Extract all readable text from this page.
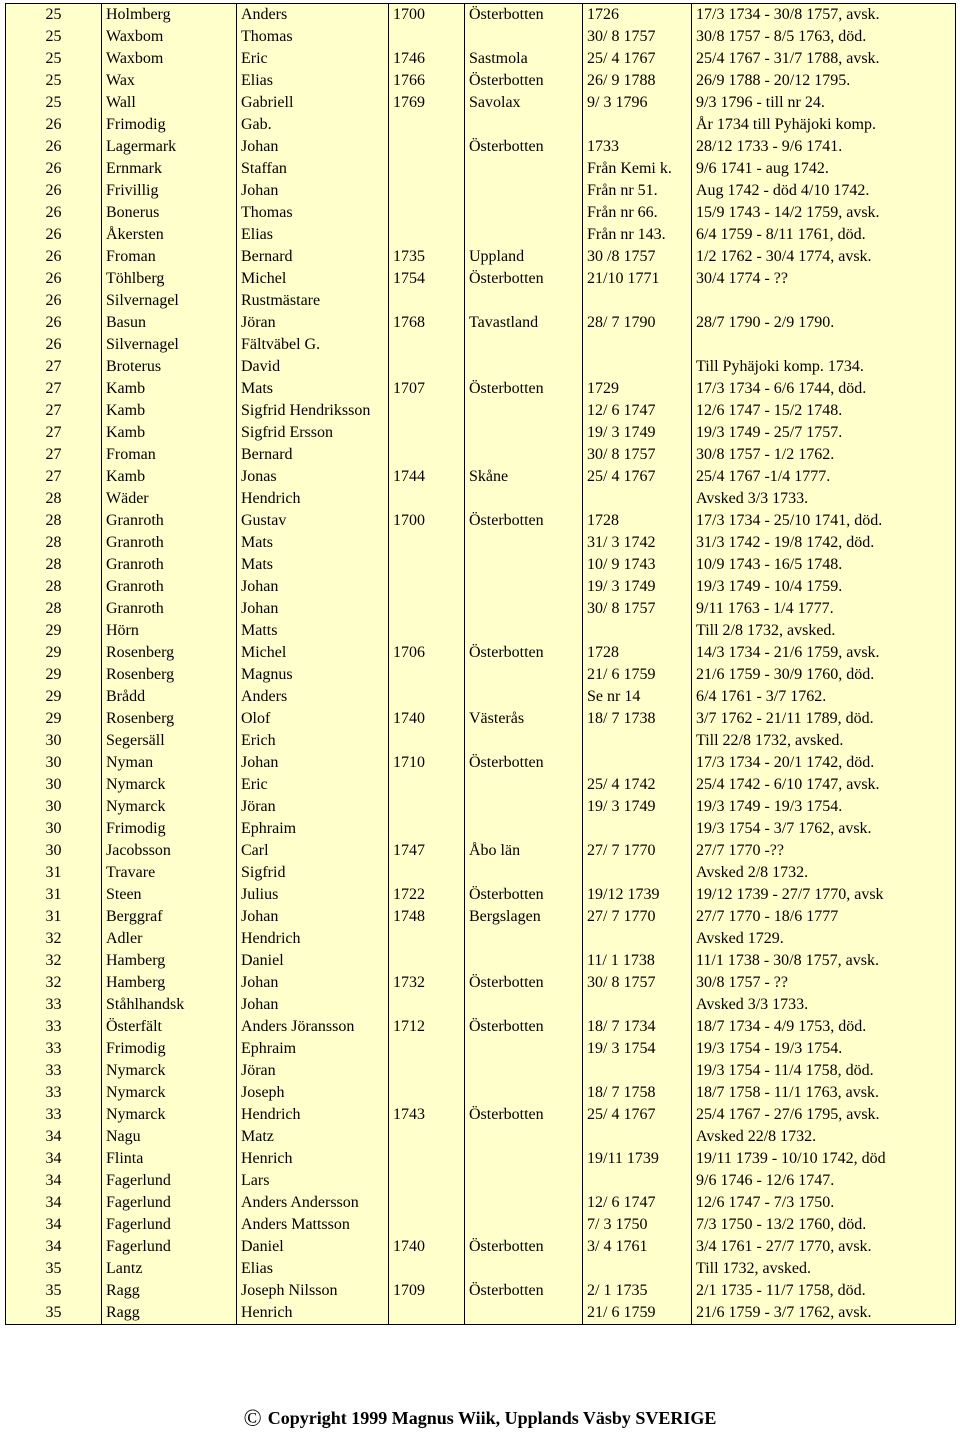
25	Holmberg	Anders	1700	Österbotten	1726	17/3 1734 - 30/8 1757, avsk.
25	Waxbom	Thomas			30/ 8 1757	30/8 1757 - 8/5 1763, död.
25	Waxbom	Eric	1746	Sastmola	25/ 4 1767	25/4 1767 - 31/7 1788, avsk.
25	Wax	Elias	1766	Österbotten	26/ 9 1788	26/9 1788 - 20/12 1795.
25	Wall	Gabriell	1769	Savolax	9/ 3 1796	9/3 1796 - till nr 24.
26	Frimodig	Gab.				År 1734 till Pyhäjoki komp.
26	Lagermark	Johan		Österbotten	1733	28/12 1733 - 9/6 1741.
26	Ernmark	Staffan			Från Kemi k.	9/6 1741 - aug 1742.
26	Frivillig	Johan			Från nr 51.	Aug 1742 - död 4/10 1742.
26	Bonerus	Thomas			Från nr 66.	15/9 1743 - 14/2 1759, avsk.
26	Åkersten	Elias			Från nr 143.	6/4 1759 - 8/11 1761, död.
26	Froman	Bernard	1735	Uppland	30 /8 1757	1/2 1762 - 30/4 1774, avsk.
26	Töhlberg	Michel	1754	Österbotten	21/10 1771	30/4 1774 - ??
26	Silvernagel	Rustmästare				
26	Basun	Jöran	1768	Tavastland	28/ 7 1790	28/7 1790 - 2/9 1790.
26	Silvernagel	Fältväbel G.				
27	Broterus	David				Till Pyhäjoki komp. 1734.
27	Kamb	Mats	1707	Österbotten	1729	17/3 1734 - 6/6 1744, död.
27	Kamb	Sigfrid Hendriksson			12/ 6 1747	12/6 1747 - 15/2 1748.
27	Kamb	Sigfrid Ersson			19/ 3 1749	19/3 1749 - 25/7 1757.
27	Froman	Bernard			30/ 8 1757	30/8 1757 - 1/2 1762.
27	Kamb	Jonas	1744	Skåne	25/ 4 1767	25/4 1767 -1/4 1777.
28	Wäder	Hendrich				Avsked 3/3 1733.
28	Granroth	Gustav	1700	Österbotten	1728	17/3 1734 - 25/10 1741, död.
28	Granroth	Mats			31/ 3 1742	31/3 1742 - 19/8 1742, död.
28	Granroth	Mats			10/ 9 1743	10/9 1743 - 16/5 1748.
28	Granroth	Johan			19/ 3 1749	19/3 1749 - 10/4 1759.
28	Granroth	Johan			30/ 8 1757	9/11 1763 - 1/4 1777.
29	Hörn	Matts				Till 2/8 1732, avsked.
29	Rosenberg	Michel	1706	Österbotten	1728	14/3 1734 - 21/6 1759, avsk.
29	Rosenberg	Magnus			21/ 6 1759	21/6 1759 - 30/9 1760, död.
29	Brådd	Anders			Se nr 14	6/4 1761 - 3/7 1762.
29	Rosenberg	Olof	1740	Västerås	18/ 7 1738	3/7 1762 - 21/11 1789, död.
30	Segersäll	Erich				Till 22/8 1732, avsked.
30	Nyman	Johan	1710	Österbotten		17/3 1734 - 20/1 1742, död.
30	Nymarck	Eric			25/ 4 1742	25/4 1742 - 6/10 1747, avsk.
30	Nymarck	Jöran			19/ 3 1749	19/3 1749 - 19/3 1754.
30	Frimodig	Ephraim				19/3 1754 - 3/7 1762, avsk.
30	Jacobsson	Carl	1747	Åbo län	27/ 7 1770	27/7 1770 -??
31	Travare	Sigfrid				Avsked 2/8 1732.
31	Steen	Julius	1722	Österbotten	19/12 1739	19/12 1739 - 27/7 1770, avsk
31	Berggraf	Johan	1748	Bergslagen	27/ 7 1770	27/7 1770 - 18/6 1777
32	Adler	Hendrich				Avsked 1729.
32	Hamberg	Daniel			11/ 1 1738	11/1 1738 - 30/8 1757, avsk.
32	Hamberg	Johan	1732	Österbotten	30/ 8 1757	30/8 1757 - ??
33	Ståhlhandsk	Johan				Avsked 3/3 1733.
33	Österfält	Anders Jöransson	1712	Österbotten	18/ 7 1734	18/7 1734 - 4/9 1753, död.
33	Frimodig	Ephraim			19/ 3 1754	19/3 1754 - 19/3 1754.
33	Nymarck	Jöran				19/3 1754 - 11/4 1758, död.
33	Nymarck	Joseph			18/ 7 1758	18/7 1758 - 11/1 1763, avsk.
33	Nymarck	Hendrich	1743	Österbotten	25/ 4 1767	25/4 1767 - 27/6 1795, avsk.
34	Nagu	Matz				Avsked 22/8 1732.
34	Flinta	Henrich			19/11 1739	19/11 1739 - 10/10 1742, död
34	Fagerlund	Lars				9/6 1746 - 12/6 1747.
34	Fagerlund	Anders Andersson			12/ 6 1747	12/6 1747 - 7/3 1750.
34	Fagerlund	Anders Mattsson			7/ 3 1750	7/3 1750 - 13/2 1760, död.
34	Fagerlund	Daniel	1740	Österbotten	3/ 4 1761	3/4 1761 - 27/7 1770, avsk.
35	Lantz	Elias				Till 1732, avsked.
35	Ragg	Joseph Nilsson	1709	Österbotten	2/ 1 1735	2/1 1735 - 11/7 1758, död.
35	Ragg	Henrich			21/ 6 1759	21/6 1759 - 3/7 1762, avsk.
© Copyright 1999 Magnus Wiik, Upplands Väsby SVERIGE
